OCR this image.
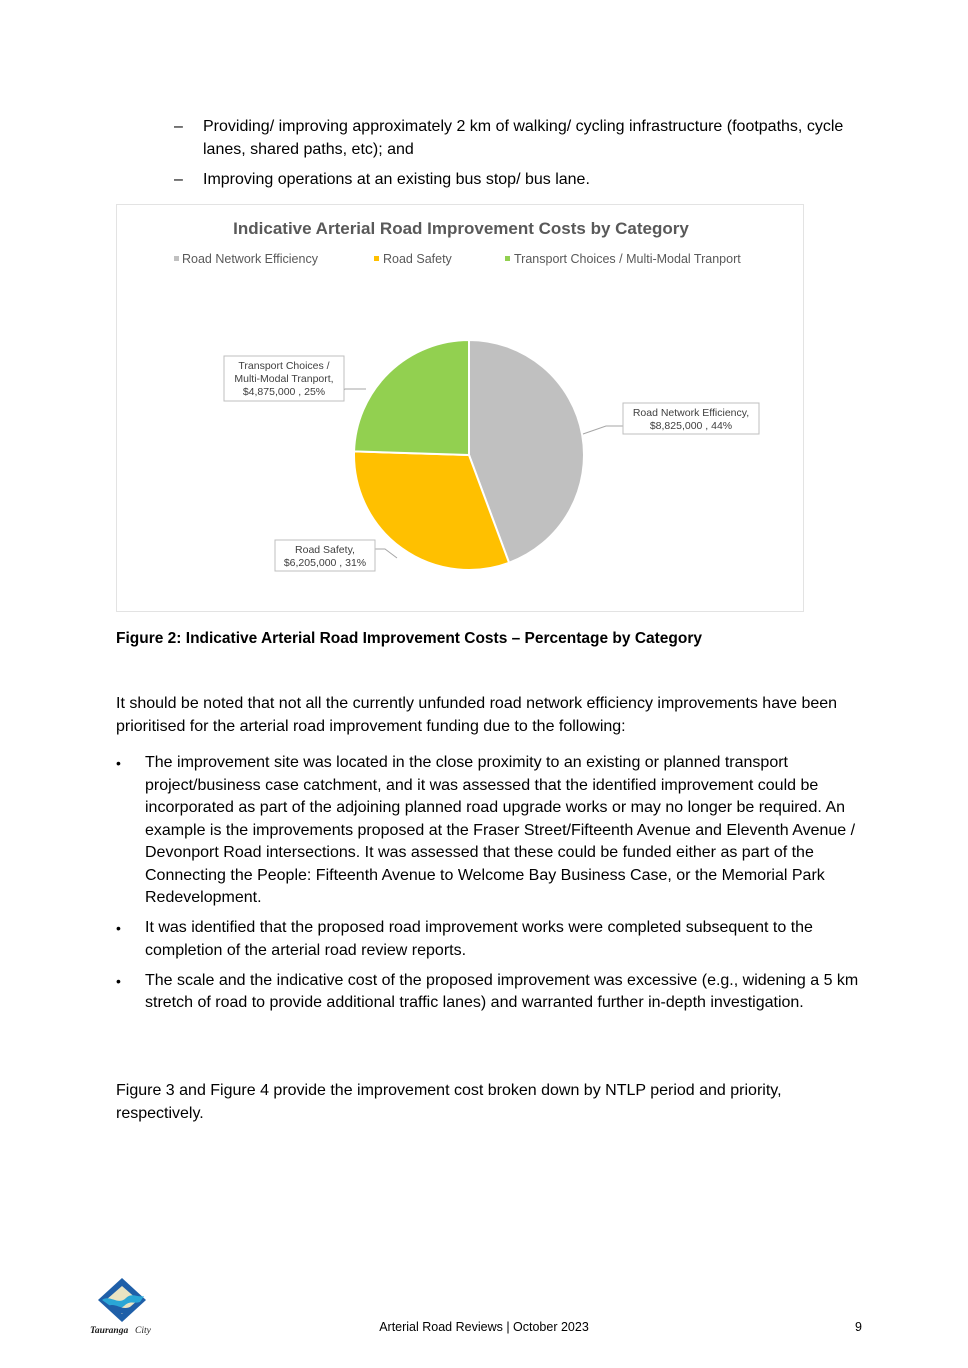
– Providing/ improving approximately 2 km of walking/ cycling infrastructure (footpaths, cycle lanes, shared paths, etc); and
– Improving operations at an existing bus stop/ bus lane.
Indicative Arterial Road Improvement Costs by Category
Road Network Efficiency	Road Safety	Transport Choices / Multi-Modal Tranport
Road Network Efficiency,
$8,825,000 , 44%
Road Safety,
$6,205,000 , 31%
Transport Choices /
Multi-Modal Tranport,
$4,875,000 , 25%
Figure 2: Indicative Arterial Road Improvement Costs – Percentage by Category

It should be noted that not all the currently unfunded road network efficiency improvements have been prioritised for the arterial road improvement funding due to the following:

• The improvement site was located in the close proximity to an existing or planned transport project/business case catchment, and it was assessed that the identified improvement could be incorporated as part of the adjoining planned road upgrade works or may no longer be required. An example is the improvements proposed at the Fraser Street/Fifteenth Avenue and Eleventh Avenue / Devonport Road intersections. It was assessed that these could be funded either as part of the Connecting the People: Fifteenth Avenue to Welcome Bay Business Case, or the Memorial Park Redevelopment.
• It was identified that the proposed road improvement works were completed subsequent to the completion of the arterial road review reports.
• The scale and the indicative cost of the proposed improvement was excessive (e.g., widening a 5 km stretch of road to provide additional traffic lanes) and warranted further in-depth investigation.

Figure 3 and Figure 4 provide the improvement cost broken down by NTLP period and priority, respectively.

Tauranga City	Arterial Road Reviews | October 2023	9
